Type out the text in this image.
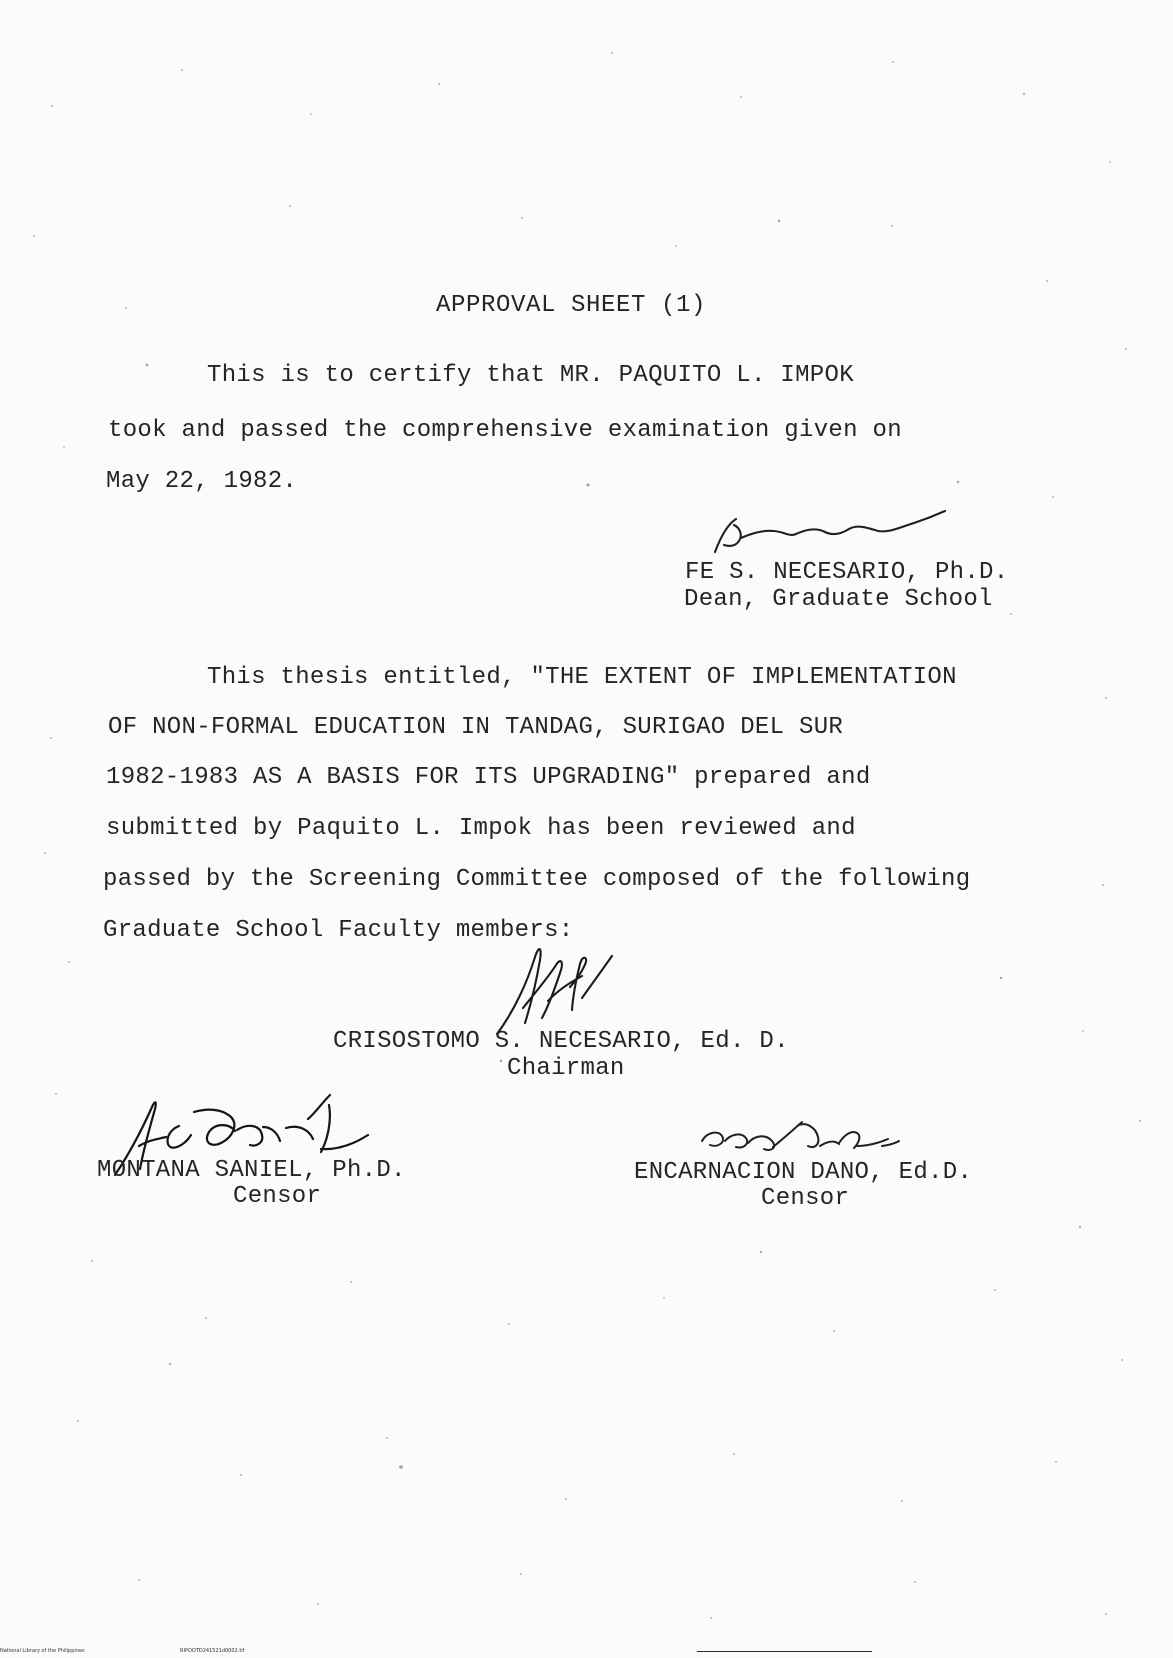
APPROVAL SHEET (1)
This is to certify that MR. PAQUITO L. IMPOK
took and passed the comprehensive examination given on
May 22, 1982.
FE S. NECESARIO, Ph.D.
Dean, Graduate School
This thesis entitled, "THE EXTENT OF IMPLEMENTATION
OF NON-FORMAL EDUCATION IN TANDAG, SURIGAO DEL SUR
1982-1983 AS A BASIS FOR ITS UPGRADING" prepared and
submitted by Paquito L. Impok has been reviewed and
passed by the Screening Committee composed of the following
Graduate School Faculty members:
CRISOSTOMO S. NECESARIO, Ed. D.
Chairman
MONTANA SANIEL, Ph.D.
Censor
ENCARNACION DANO, Ed.D.
Censor
National Library of the Philippines	RIPOOTD241521d0002.tif
